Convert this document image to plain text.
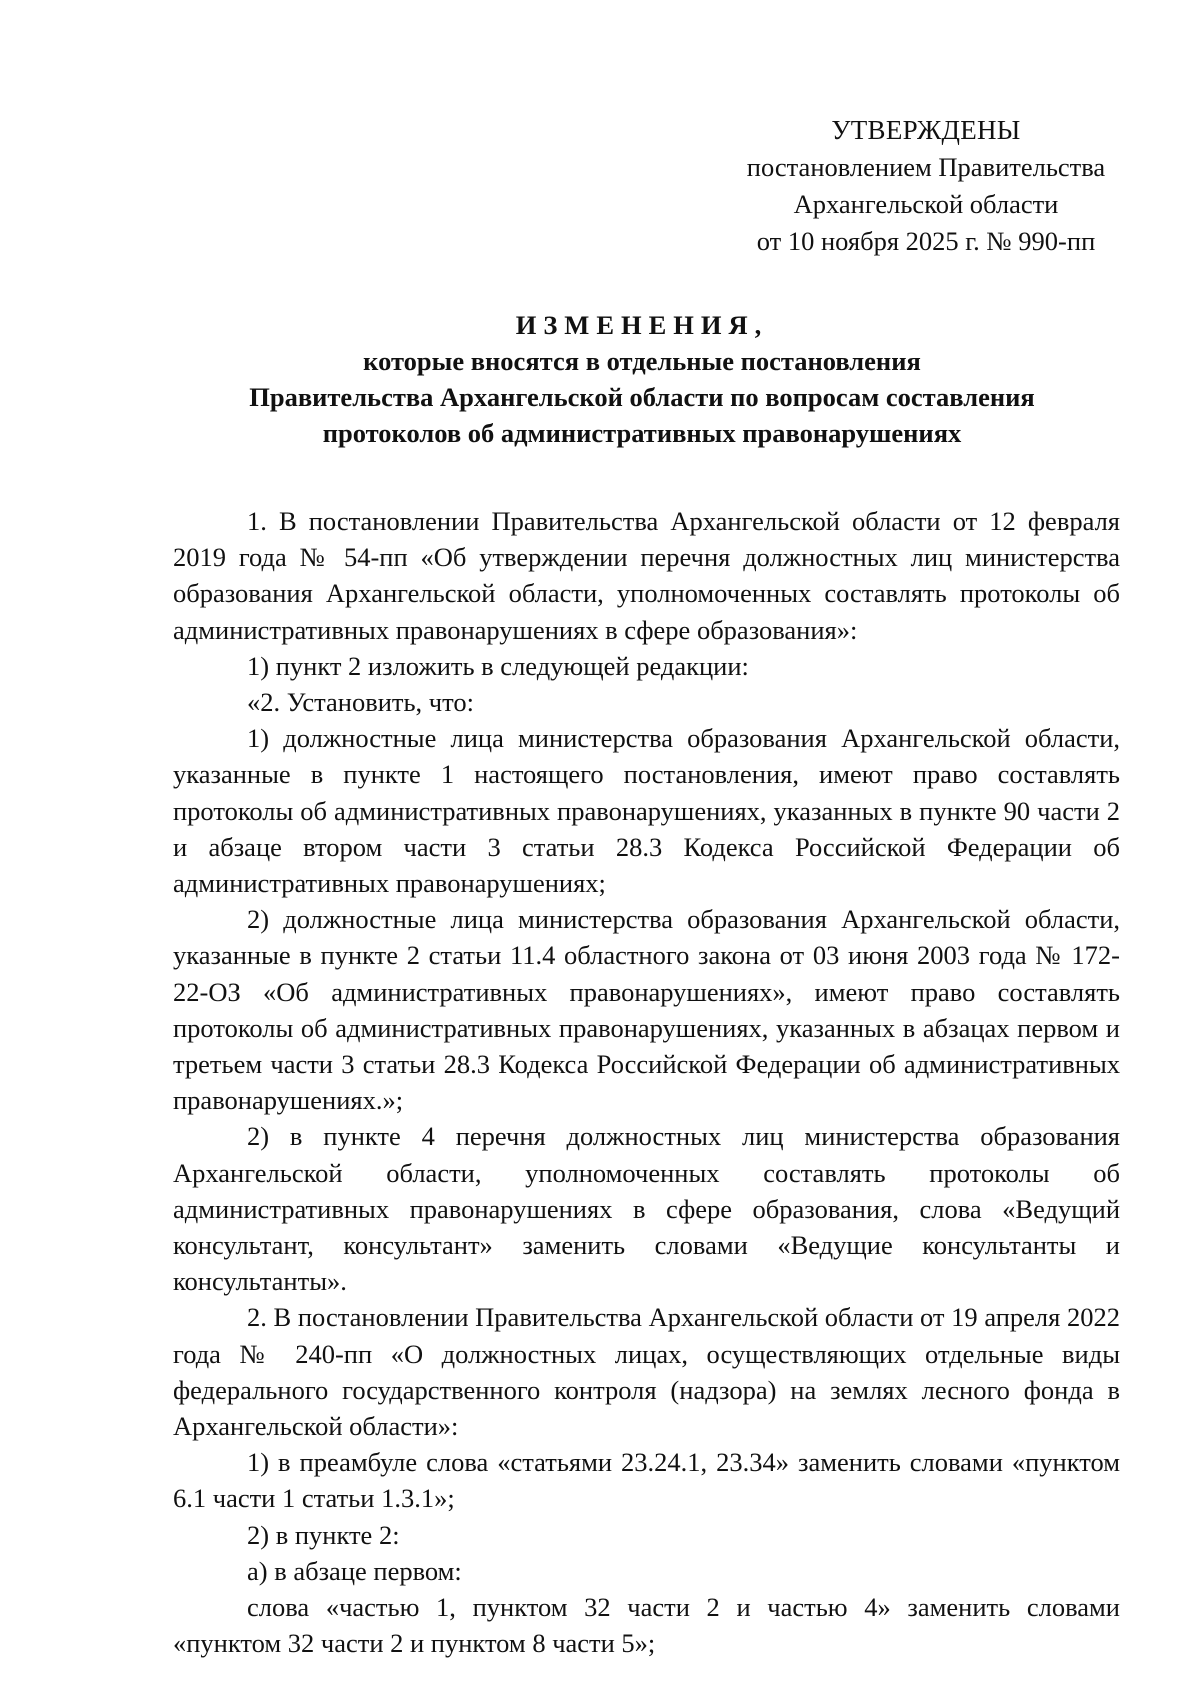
УТВЕРЖДЕНЫ
постановлением Правительства
Архангельской области
от 10 ноября 2025 г. № 990-пп
ИЗМЕНЕНИЯ,
которые вносятся в отдельные постановления
Правительства Архангельской области по вопросам составления
протоколов об административных правонарушениях

1. В постановлении Правительства Архангельской области от 12 февраля 2019 года № 54-пп «Об утверждении перечня должностных лиц министерства образования Архангельской области, уполномоченных составлять протоколы об административных правонарушениях в сфере образования»:

1) пункт 2 изложить в следующей редакции:

«2. Установить, что:

1) должностные лица министерства образования Архангельской области, указанные в пункте 1 настоящего постановления, имеют право составлять протоколы об административных правонарушениях, указанных в пункте 90 части 2 и абзаце втором части 3 статьи 28.3 Кодекса Российской Федерации об административных правонарушениях;

2) должностные лица министерства образования Архангельской области, указанные в пункте 2 статьи 11.4 областного закона от 03 июня 2003 года № 172-22-ОЗ «Об административных правонарушениях», имеют право составлять протоколы об административных правонарушениях, указанных в абзацах первом и третьем части 3 статьи 28.3 Кодекса Российской Федерации об административных правонарушениях.»;

2) в пункте 4 перечня должностных лиц министерства образования Архангельской области, уполномоченных составлять протоколы об административных правонарушениях в сфере образования, слова «Ведущий консультант, консультант» заменить словами «Ведущие консультанты и консультанты».

2. В постановлении Правительства Архангельской области от 19 апреля 2022 года № 240-пп «О должностных лицах, осуществляющих отдельные виды федерального государственного контроля (надзора) на землях лесного фонда в Архангельской области»:

1) в преамбуле слова «статьями 23.24.1, 23.34» заменить словами «пунктом 6.1 части 1 статьи 1.3.1»;

2) в пункте 2:

а) в абзаце первом:

слова «частью 1, пунктом 32 части 2 и частью 4» заменить словами «пунктом 32 части 2 и пунктом 8 части 5»;
